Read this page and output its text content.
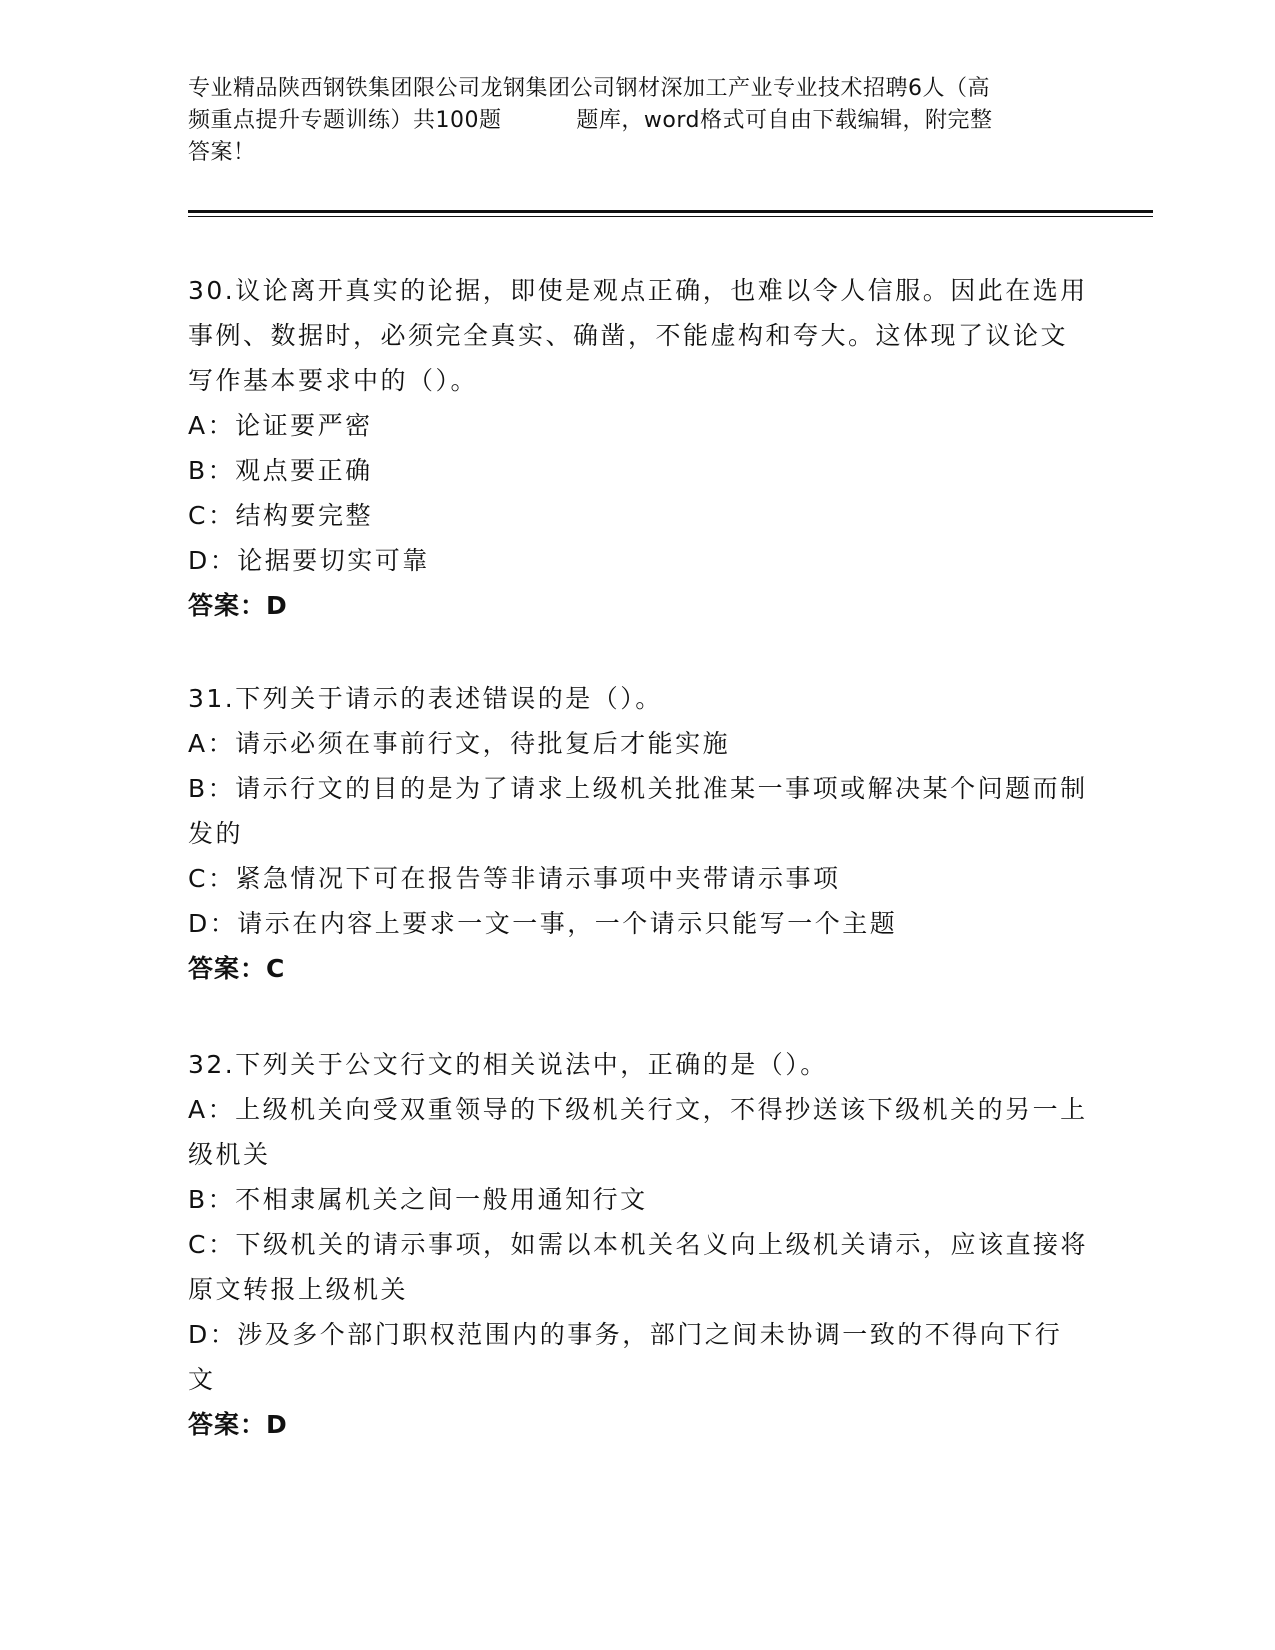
专业精品陕西钢铁集团限公司龙钢集团公司钢材深加工产业专业技术招聘6人（高
频重点提升专题训练）共100题          题库，word格式可自由下载编辑，附完整
答案！

30.议论离开真实的论据，即使是观点正确，也难以令人信服。因此在选用事例、数据时，必须完全真实、确凿，不能虚构和夸大。这体现了议论文写作基本要求中的（）。

A：论证要严密

B：观点要正确

C：结构要完整

D：论据要切实可靠

答案：D

31.下列关于请示的表述错误的是（）。

A：请示必须在事前行文，待批复后才能实施

B：请示行文的目的是为了请求上级机关批准某一事项或解决某个问题而制发的

C：紧急情况下可在报告等非请示事项中夹带请示事项

D：请示在内容上要求一文一事，一个请示只能写一个主题

答案：C

32.下列关于公文行文的相关说法中，正确的是（）。

A：上级机关向受双重领导的下级机关行文，不得抄送该下级机关的另一上级机关

B：不相隶属机关之间一般用通知行文

C：下级机关的请示事项，如需以本机关名义向上级机关请示，应该直接将原文转报上级机关

D：涉及多个部门职权范围内的事务，部门之间未协调一致的不得向下行文

答案：D
